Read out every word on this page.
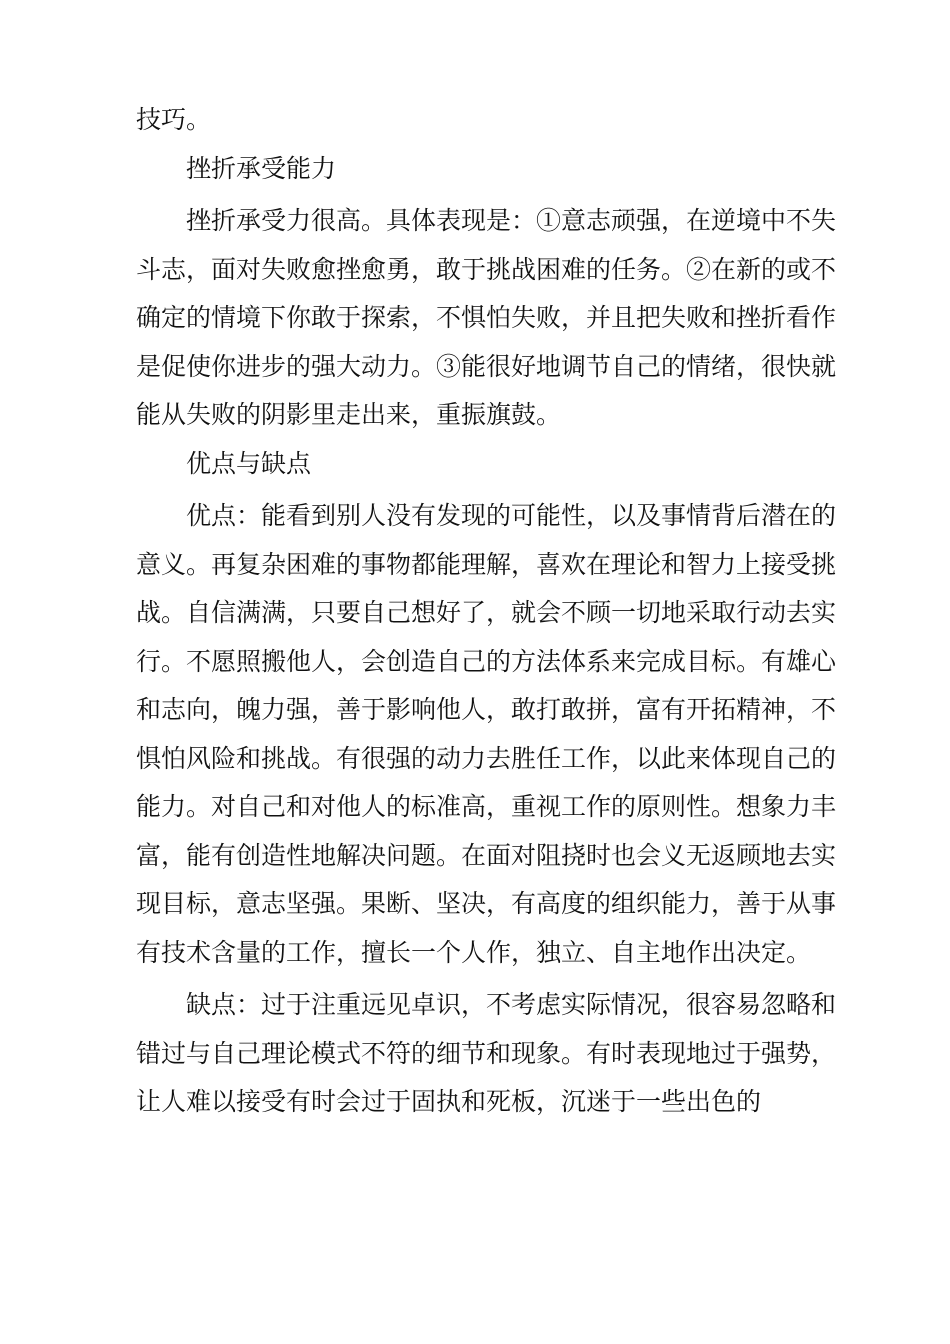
技巧。

挫折承受能力

挫折承受力很高。具体表现是：①意志顽强，在逆境中不失斗志，面对失败愈挫愈勇，敢于挑战困难的任务。②在新的或不确定的情境下你敢于探索，不惧怕失败，并且把失败和挫折看作是促使你进步的强大动力。③能很好地调节自己的情绪，很快就能从失败的阴影里走出来，重振旗鼓。

优点与缺点

优点：能看到别人没有发现的可能性，以及事情背后潜在的意义。再复杂困难的事物都能理解，喜欢在理论和智力上接受挑战。自信满满，只要自己想好了，就会不顾一切地采取行动去实行。不愿照搬他人，会创造自己的方法体系来完成目标。有雄心和志向，魄力强，善于影响他人，敢打敢拼，富有开拓精神，不惧怕风险和挑战。有很强的动力去胜任工作，以此来体现自己的能力。对自己和对他人的标准高，重视工作的原则性。想象力丰富，能有创造性地解决问题。在面对阻挠时也会义无返顾地去实现目标，意志坚强。果断、坚决，有高度的组织能力，善于从事有技术含量的工作，擅长一个人作，独立、自主地作出决定。

缺点：过于注重远见卓识，不考虑实际情况，很容易忽略和错过与自己理论模式不符的细节和现象。有时表现地过于强势，让人难以接受有时会过于固执和死板，沉迷于一些出色的
